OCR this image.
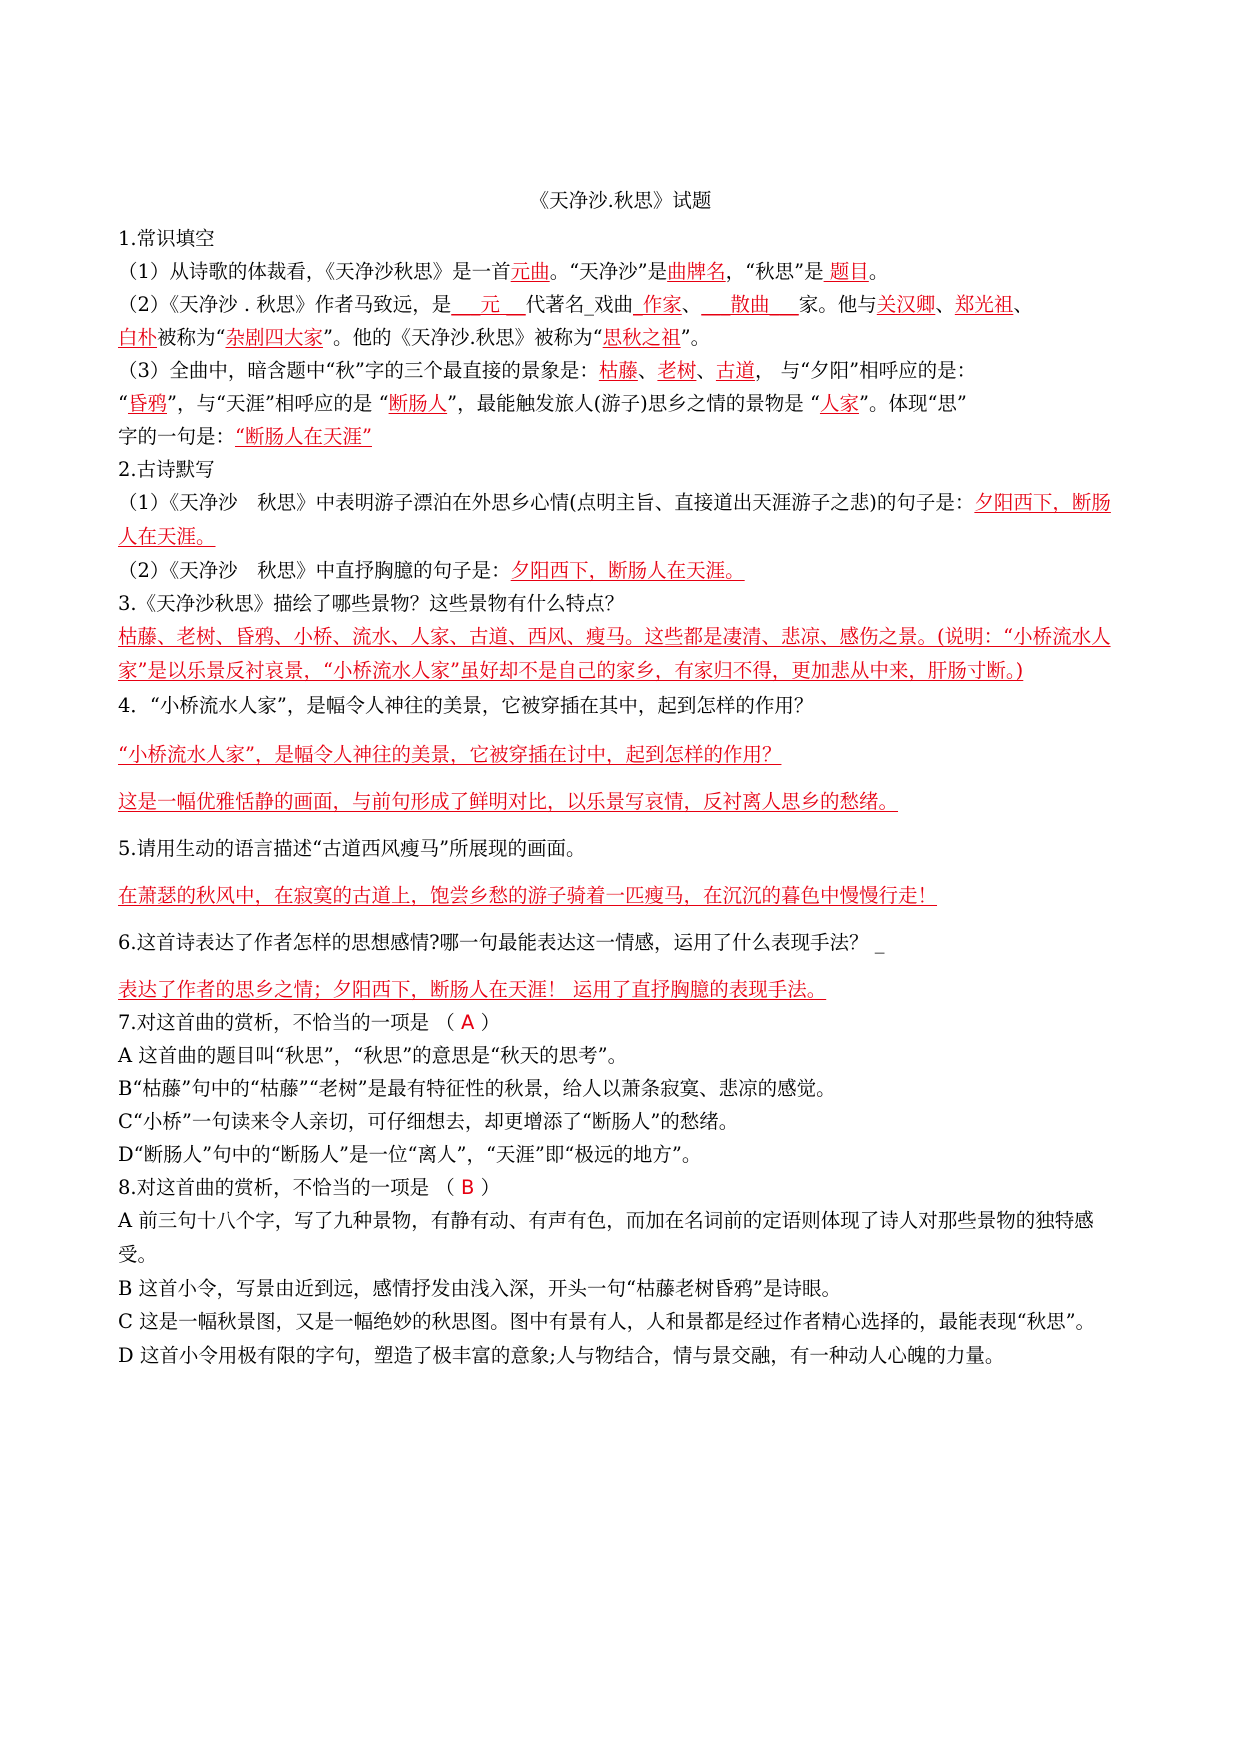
《天净沙.秋思》试题
1.常识填空
（1）从诗歌的体裁看，《天净沙秋思》是一首元曲。“天净沙”是曲牌名，“秋思”是 题目。
（2）《天净沙 . 秋思》作者马致远，是___元 __代著名_戏曲_作家、___散曲___家。他与关汉卿、郑光祖、
白朴被称为“杂剧四大家”。他的《天净沙.秋思》被称为“思秋之祖”。
（3）全曲中，暗含题中“秋”字的三个最直接的景象是：枯藤、老树、古道， 与“夕阳”相呼应的是：
“昏鸦”，与“天涯”相呼应的是 “断肠人”，最能触发旅人(游子)思乡之情的景物是 “人家”。体现“思”
字的一句是：“断肠人在天涯”
2.古诗默写
（1）《天净沙　秋思》中表明游子漂泊在外思乡心情(点明主旨、直接道出天涯游子之悲)的句子是：夕阳西下，断肠人在天涯。
（2）《天净沙　秋思》中直抒胸臆的句子是：夕阳西下，断肠人在天涯。
3.《天净沙秋思》描绘了哪些景物？这些景物有什么特点？
枯藤、老树、昏鸦、小桥、流水、人家、古道、西风、瘦马。这些都是凄清、悲凉、感伤之景。(说明：“小桥流水人家”是以乐景反衬哀景，“小桥流水人家”虽好却不是自己的家乡，有家归不得，更加悲从中来，肝肠寸断。)
4．“小桥流水人家”，是幅令人神往的美景，它被穿插在其中，起到怎样的作用？
“小桥流水人家”，是幅令人神往的美景，它被穿插在讨中，起到怎样的作用？
这是一幅优雅恬静的画面，与前句形成了鲜明对比，以乐景写哀情，反衬离人思乡的愁绪。
5.请用生动的语言描述“古道西风瘦马”所展现的画面。
在萧瑟的秋风中，在寂寞的古道上，饱尝乡愁的游子骑着一匹瘦马，在沉沉的暮色中慢慢行走！
6.这首诗表达了作者怎样的思想感情?哪一句最能表达这一情感，运用了什么表现手法？ _
表达了作者的思乡之情；夕阳西下，断肠人在天涯！ 运用了直抒胸臆的表现手法。
7.对这首曲的赏析，不恰当的一项是 （ A ）
A 这首曲的题目叫“秋思”，“秋思”的意思是“秋天的思考”。
B“枯藤”句中的“枯藤”“老树”是最有特征性的秋景，给人以萧条寂寞、悲凉的感觉。
C“小桥”一句读来令人亲切，可仔细想去，却更增添了“断肠人”的愁绪。
D“断肠人”句中的“断肠人”是一位“离人”，“天涯”即“极远的地方”。
8.对这首曲的赏析，不恰当的一项是 （ B ）
A 前三句十八个字，写了九种景物，有静有动、有声有色，而加在名词前的定语则体现了诗人对那些景物的独特感受。
B 这首小令，写景由近到远，感情抒发由浅入深，开头一句“枯藤老树昏鸦”是诗眼。
C 这是一幅秋景图，又是一幅绝妙的秋思图。图中有景有人，人和景都是经过作者精心选择的，最能表现“秋思”。
D 这首小令用极有限的字句，塑造了极丰富的意象;人与物结合，情与景交融，有一种动人心魄的力量。
